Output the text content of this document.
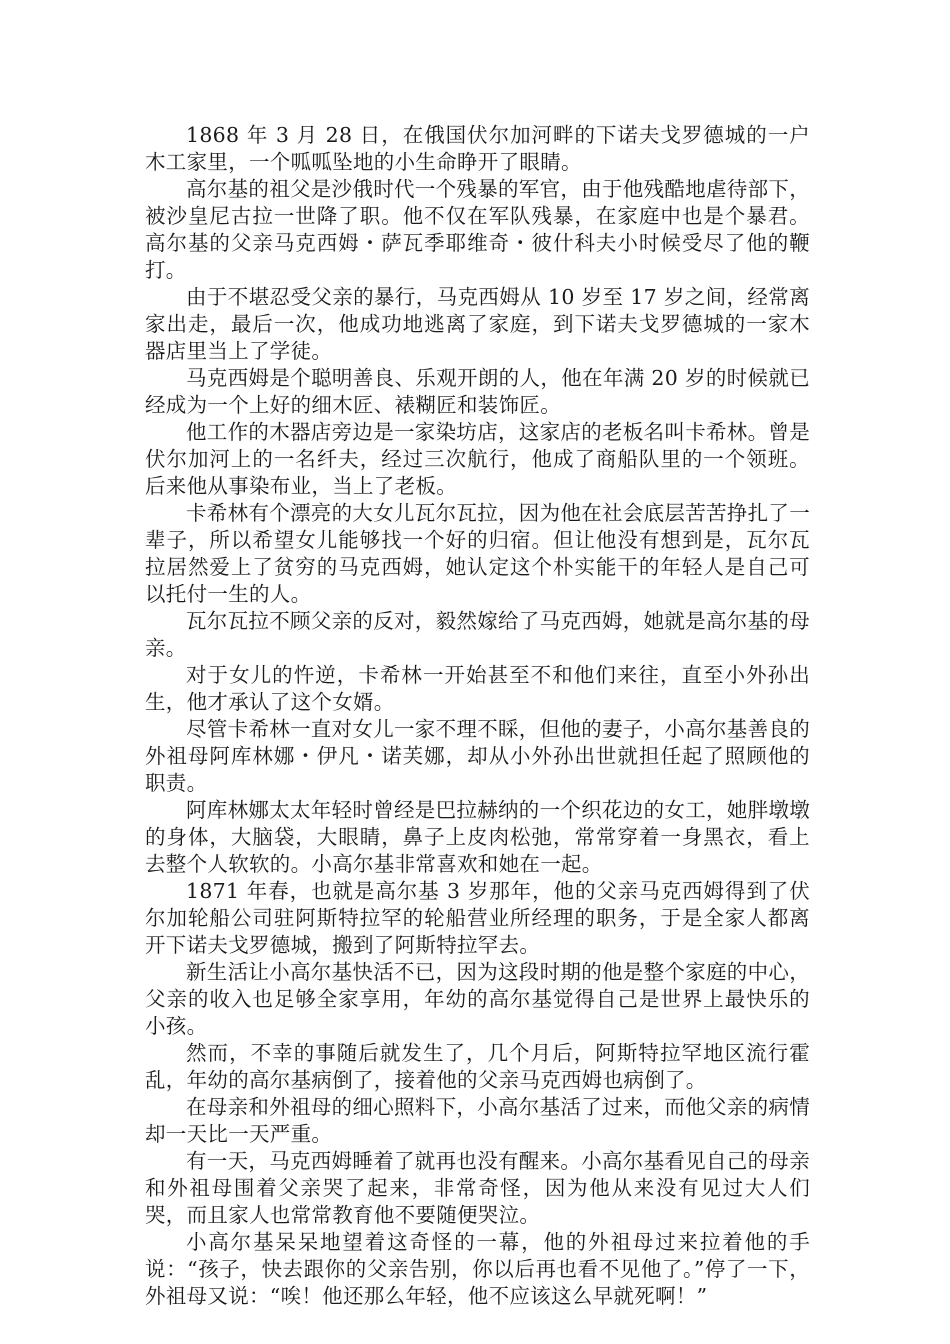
1868 年 3 月 28 日，在俄国伏尔加河畔的下诺夫戈罗德城的一户木工家里，一个呱呱坠地的小生命睁开了眼睛。

高尔基的祖父是沙俄时代一个残暴的军官，由于他残酷地虐待部下，被沙皇尼古拉一世降了职。他不仅在军队残暴，在家庭中也是个暴君。高尔基的父亲马克西姆・萨瓦季耶维奇・彼什科夫小时候受尽了他的鞭打。

由于不堪忍受父亲的暴行，马克西姆从 10 岁至 17 岁之间，经常离家出走，最后一次，他成功地逃离了家庭，到下诺夫戈罗德城的一家木器店里当上了学徒。

马克西姆是个聪明善良、乐观开朗的人，他在年满 20 岁的时候就已经成为一个上好的细木匠、裱糊匠和装饰匠。

他工作的木器店旁边是一家染坊店，这家店的老板名叫卡希林。曾是伏尔加河上的一名纤夫，经过三次航行，他成了商船队里的一个领班。后来他从事染布业，当上了老板。

卡希林有个漂亮的大女儿瓦尔瓦拉，因为他在社会底层苦苦挣扎了一辈子，所以希望女儿能够找一个好的归宿。但让他没有想到是，瓦尔瓦拉居然爱上了贫穷的马克西姆，她认定这个朴实能干的年轻人是自己可以托付一生的人。

瓦尔瓦拉不顾父亲的反对，毅然嫁给了马克西姆，她就是高尔基的母亲。

对于女儿的忤逆，卡希林一开始甚至不和他们来往，直至小外孙出生，他才承认了这个女婿。

尽管卡希林一直对女儿一家不理不睬，但他的妻子，小高尔基善良的外祖母阿库林娜・伊凡・诺芙娜，却从小外孙出世就担任起了照顾他的职责。

阿库林娜太太年轻时曾经是巴拉赫纳的一个织花边的女工，她胖墩墩的身体，大脑袋，大眼睛，鼻子上皮肉松弛，常常穿着一身黑衣，看上去整个人软软的。小高尔基非常喜欢和她在一起。

1871 年春，也就是高尔基 3 岁那年，他的父亲马克西姆得到了伏尔加轮船公司驻阿斯特拉罕的轮船营业所经理的职务，于是全家人都离开下诺夫戈罗德城，搬到了阿斯特拉罕去。

新生活让小高尔基快活不已，因为这段时期的他是整个家庭的中心，父亲的收入也足够全家享用，年幼的高尔基觉得自己是世界上最快乐的小孩。

然而，不幸的事随后就发生了，几个月后，阿斯特拉罕地区流行霍乱，年幼的高尔基病倒了，接着他的父亲马克西姆也病倒了。

在母亲和外祖母的细心照料下，小高尔基活了过来，而他父亲的病情却一天比一天严重。

有一天，马克西姆睡着了就再也没有醒来。小高尔基看见自己的母亲和外祖母围着父亲哭了起来，非常奇怪，因为他从来没有见过大人们哭，而且家人也常常教育他不要随便哭泣。

小高尔基呆呆地望着这奇怪的一幕，他的外祖母过来拉着他的手说：“孩子，快去跟你的父亲告别，你以后再也看不见他了。”停了一下，外祖母又说：“唉！他还那么年轻，他不应该这么早就死啊！”
